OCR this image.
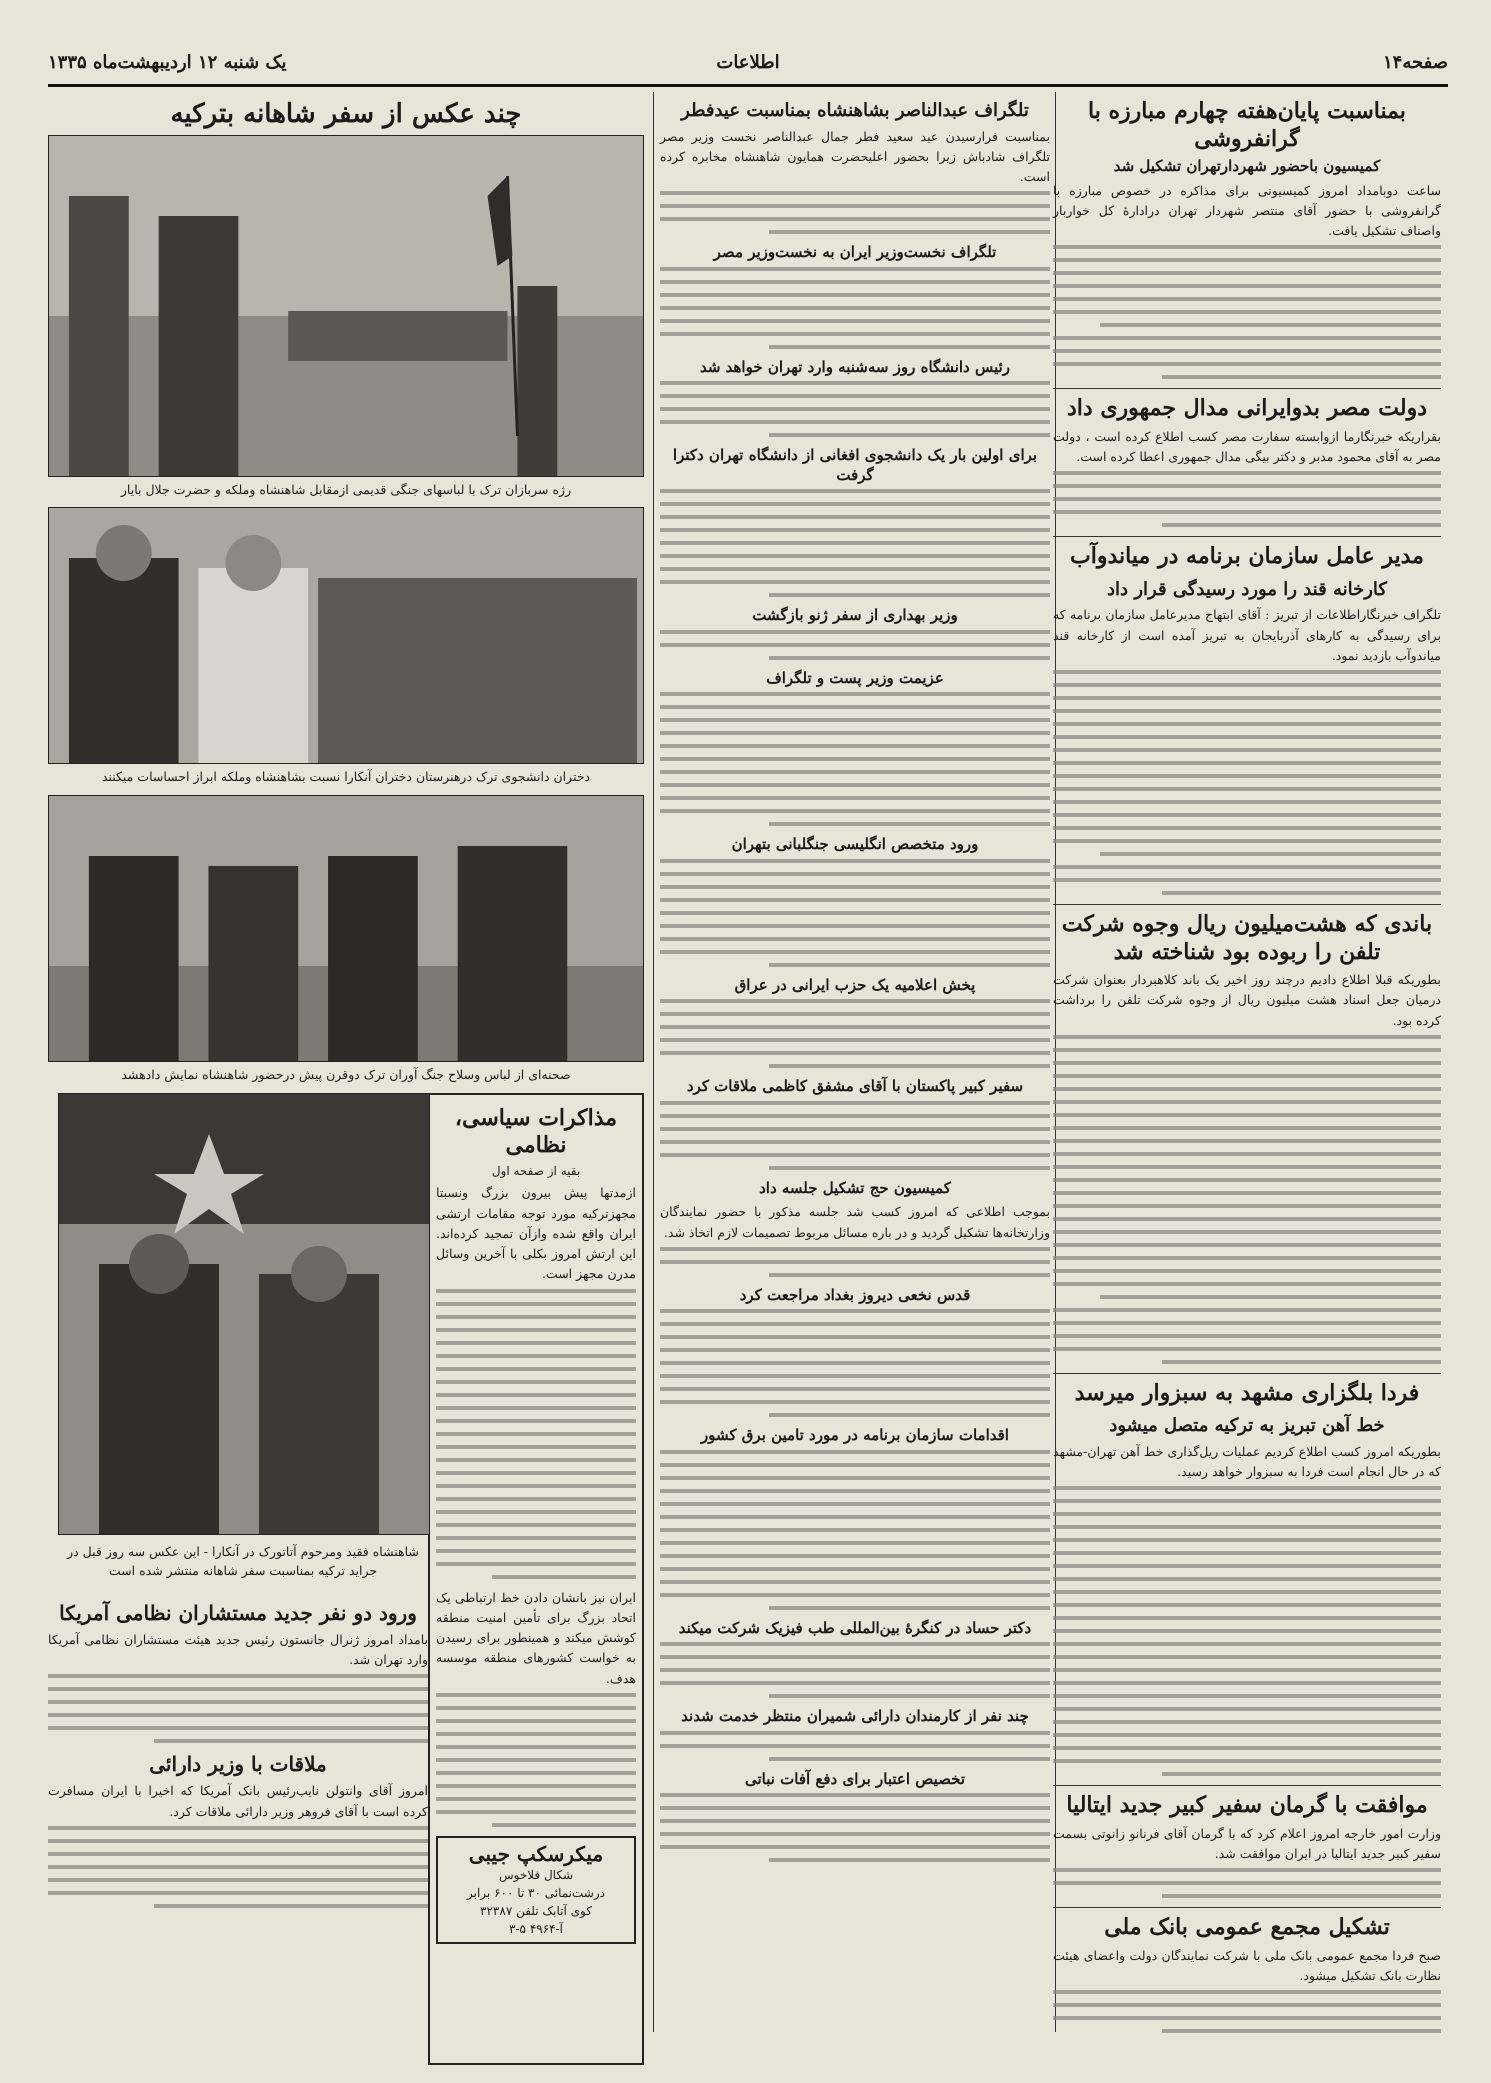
صفحه۱۴
اطلاعات
یک شنبه ۱۲ اردیبهشت‌ماه ۱۳۳۵
بمناسبت پایان‌هفته چهارم مبارزه با گرانفروشی
کمیسیون باحضور شهردارتهران تشکیل شد

ساعت دوبامداد امروز کمیسیونی برای مذاکره در خصوص مبارزه با گرانفروشی با حضور آقای منتصر شهردار تهران درادارهٔ کل خواربار واصناف تشکیل یافت.

دولت مصر بدوایرانی مدال جمهوری داد

بقراریکه خبرنگارما ازوابسته سفارت مصر کسب اطلاع کرده است ، دولت مصر به آقای محمود مدبر و دکتر بیگی مدال جمهوری اعطا کرده است.

مدیر عامل سازمان برنامه در میاندوآب
کارخانه قند را مورد رسیدگی قرار داد

تلگراف خبرنگاراطلاعات از تبریز : آقای ابتهاج مدیرعامل سازمان برنامه که برای رسیدگی به کارهای آذربایجان به تبریز آمده است از کارخانه قند میاندوآب بازدید نمود.

باندی که هشت‌میلیون ریال وجوه شرکت تلفن را ربوده بود شناخته شد

بطوریکه قبلا اطلاع دادیم درچند روز اخیر یک باند کلاهبردار بعنوان شرکت درمیان جعل اسناد هشت میلیون ریال از وجوه شرکت تلفن را برداشت کرده بود.

فردا بلگزاری مشهد به سبزوار میرسد
خط آهن تبریز به ترکیه متصل میشود

بطوریکه امروز کسب اطلاع کردیم عملیات ریل‌گذاری خط آهن تهران-مشهد که در حال انجام است فردا به سبزوار خواهد رسید.

موافقت با گرمان سفیر کبیر جدید ایتالیا

وزارت امور خارجه امروز اعلام کرد که با گرمان آقای فرنانو زانوتی بسمت سفیر کبیر جدید ایتالیا در ایران موافقت شد.

تشکیل مجمع عمومی بانک ملی

صبح فردا مجمع عمومی بانک ملی با شرکت نمایندگان دولت واعضای هیئت نظارت بانک تشکیل میشود.

تلگراف عبدالناصر بشاهنشاه بمناسبت عیدفطر

بمناسبت فرارسیدن عید سعید فطر جمال عبدالناصر نخست وزیر مصر تلگراف شادباش زیرا بحضور اعلیحضرت همایون شاهنشاه مخابره کرده است.

تلگراف نخست‌وزیر ایران به نخست‌وزیر مصر
رئیس دانشگاه روز سه‌شنبه وارد تهران خواهد شد
برای اولین بار یک دانشجوی افغانی از دانشگاه تهران دکترا گرفت
وزیر بهداری از سفر ژنو بازگشت
عزیمت وزیر پست و تلگراف
ورود متخصص انگلیسی جنگلبانی بتهران
پخش اعلامیه یک حزب ایرانی در عراق
سفیر کبیر پاکستان با آقای مشفق کاظمی ملاقات کرد
کمیسیون حج تشکیل جلسه داد

بموجب اطلاعی که امروز کسب شد جلسه مذکور با حضور نمایندگان وزارتخانه‌ها تشکیل گردید و در باره مسائل مربوط تصمیمات لازم اتخاذ شد.

قدس نخعی دیروز بغداد مراجعت کرد
اقدامات سازمان برنامه در مورد تامین برق کشور
دکتر حساد در کنگرهٔ بین‌المللی طب فیزیک شرکت میکند
چند نفر از کارمندان دارائی شمیران منتظر خدمت شدند
تخصیص اعتبار برای دفع آفات نباتی
چند عکس از سفر شاهانه بترکیه
رژه سربازان ترک با لباسهای جنگی قدیمی ازمقابل شاهنشاه وملکه و حضرت جلال بایار
دختران دانشجوی ترک درهنرستان دختران آنکارا نسبت بشاهنشاه وملکه ابراز احساسات میکنند
صحنه‌ای از لباس وسلاح جنگ آوران ترک دوقرن پیش درحضور شاهنشاه نمایش دادهشد
مذاکرات سیاسی، نظامی
بقیه از صفحه اول

ازمدتها پیش بیرون بزرگ ونسبتا مجهزترکیه مورد توجه مقامات ارتشی ایران واقع شده وازآن تمجید کرده‌اند. این ارتش امروز بکلی با آخرین وسائل مدرن مجهز است.

ایران نیز بانشان دادن خط ارتباطی یک اتحاد بزرگ برای تأمین امنیت منطقه کوشش میکند و همینطور برای رسیدن به خواست کشورهای منطقه موسسه هدف.

میکرسکپ جیبی
شکال فلاخوس
درشت‌نمائی ۳۰ تا ۶۰۰ برابر
کوی آتابک تلفن ۳۲۳۸۷
آ-۴۹۶۴ ۵-۳
شاهنشاه فقید ومرحوم آتاتورک در آنکارا - این عکس سه روز قبل در جراید ترکیه بمناسبت سفر شاهانه منتشر شده است
ورود دو نفر جدید مستشاران نظامی آمریکا

بامداد امروز ژنرال جانستون رئیس جدید هیئت مستشاران نظامی آمریکا وارد تهران شد.

ملاقات با وزیر دارائی

امروز آقای وانتولن نایب‌رئیس بانک آمریکا که اخیرا با ایران مسافرت کرده است با آقای فروهر وزیر دارائی ملاقات کرد.
